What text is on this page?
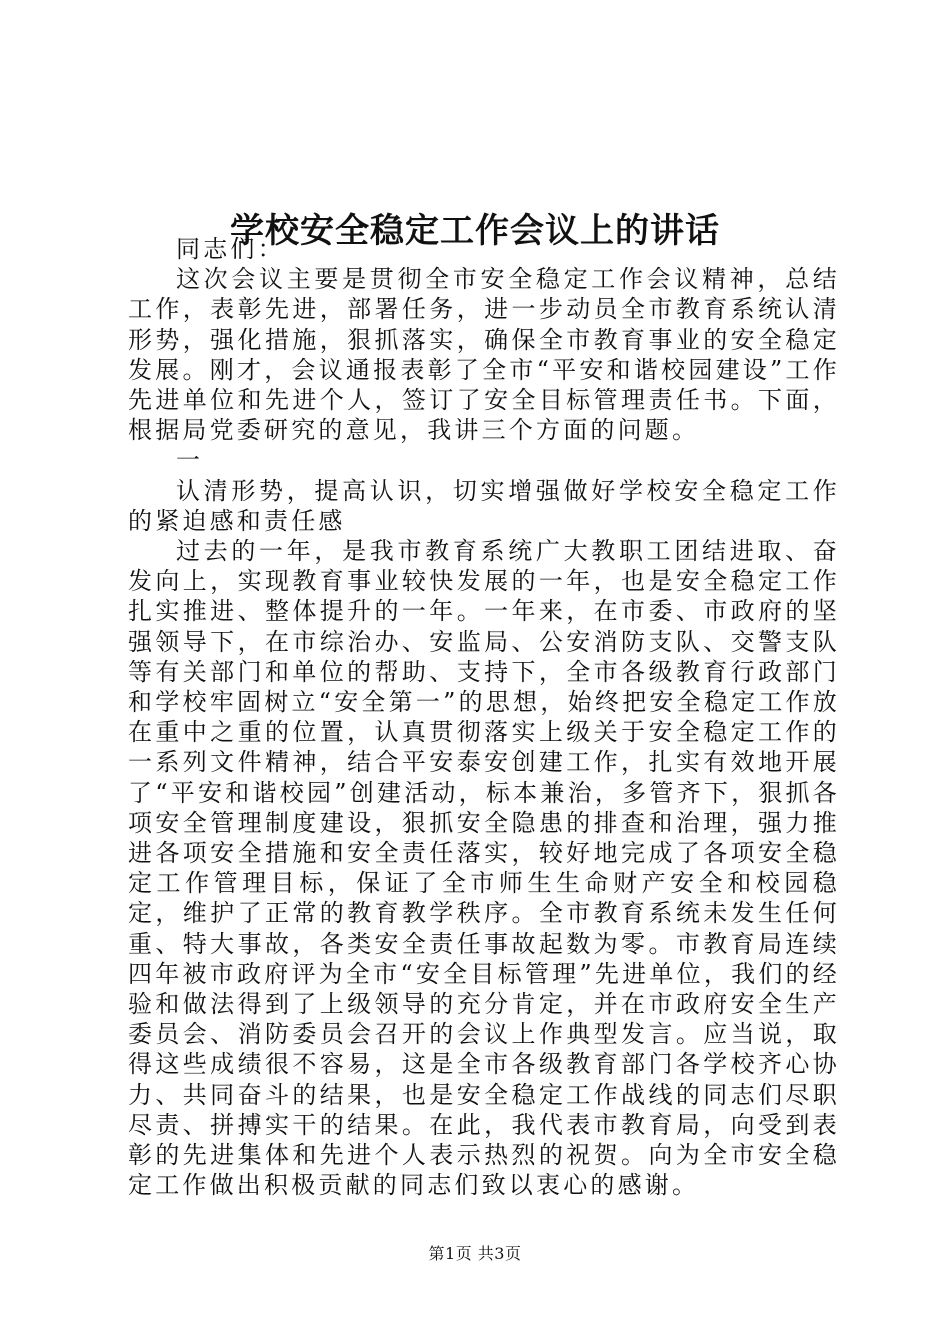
学校安全稳定工作会议上的讲话

同志们：

这次会议主要是贯彻全市安全稳定工作会议精神，总结工作，表彰先进，部署任务，进一步动员全市教育系统认清形势，强化措施，狠抓落实，确保全市教育事业的安全稳定发展。刚才，会议通报表彰了全市“平安和谐校园建设”工作先进单位和先进个人，签订了安全目标管理责任书。下面，根据局党委研究的意见，我讲三个方面的问题。

一

认清形势，提高认识，切实增强做好学校安全稳定工作的紧迫感和责任感

过去的一年，是我市教育系统广大教职工团结进取、奋发向上，实现教育事业较快发展的一年，也是安全稳定工作扎实推进、整体提升的一年。一年来，在市委、市政府的坚强领导下，在市综治办、安监局、公安消防支队、交警支队等有关部门和单位的帮助、支持下，全市各级教育行政部门和学校牢固树立“安全第一”的思想，始终把安全稳定工作放在重中之重的位置，认真贯彻落实上级关于安全稳定工作的一系列文件精神，结合平安泰安创建工作，扎实有效地开展了“平安和谐校园”创建活动，标本兼治，多管齐下，狠抓各项安全管理制度建设，狠抓安全隐患的排查和治理，强力推进各项安全措施和安全责任落实，较好地完成了各项安全稳定工作管理目标，保证了全市师生生命财产安全和校园稳定，维护了正常的教育教学秩序。全市教育系统未发生任何重、特大事故，各类安全责任事故起数为零。市教育局连续四年被市政府评为全市“安全目标管理”先进单位，我们的经验和做法得到了上级领导的充分肯定，并在市政府安全生产委员会、消防委员会召开的会议上作典型发言。应当说，取得这些成绩很不容易，这是全市各级教育部门各学校齐心协力、共同奋斗的结果，也是安全稳定工作战线的同志们尽职尽责、拼搏实干的结果。在此，我代表市教育局，向受到表彰的先进集体和先进个人表示热烈的祝贺。向为全市安全稳定工作做出积极贡献的同志们致以衷心的感谢。

第1页 共3页
